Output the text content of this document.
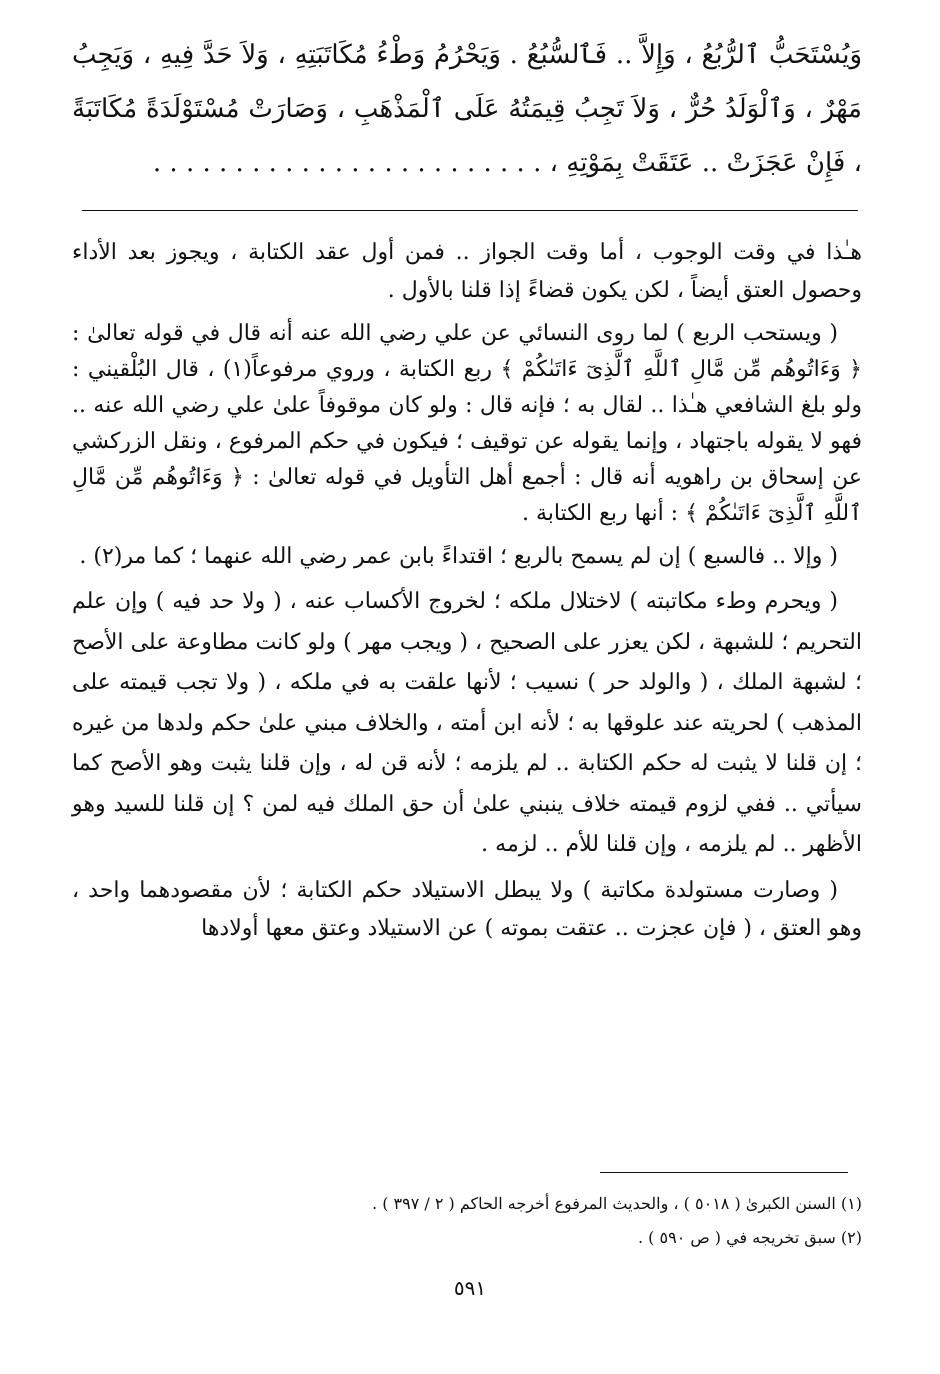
وَيُسْتَحَبُّ ٱلرُّبُعُ ، وَإِلاَّ .. فَٱلسُّبُعُ . وَيَحْرُمُ وَطْءُ مُكَاتَبَتِهِ ، وَلاَ حَدَّ فِيهِ ، وَيَجِبُ مَهْرٌ ، وَٱلْوَلَدُ حُرٌّ ، وَلاَ تَجِبُ قِيمَتُهُ عَلَى ٱلْمَذْهَبِ ، وَصَارَتْ مُسْتَوْلَدَةً مُكَاتَبَةً ، فَإِنْ عَجَزَتْ .. عَتَقَتْ بِمَوْتِهِ ، . . . . . . . . . . . . . . . . . . . . . . . .

هـٰذا في وقت الوجوب ، أما وقت الجواز .. فمن أول عقد الكتابة ، ويجوز بعد الأداء وحصول العتق أيضاً ، لكن يكون قضاءً إذا قلنا بالأول .

( ويستحب الربع ) لما روى النسائي عن علي رضي الله عنه أنه قال في قوله تعالىٰ : ﴿ وَءَاتُوهُم مِّن مَّالِ ٱللَّهِ ٱلَّذِىٓ ءَاتَىٰكُمْ ﴾ ربع الكتابة ، وروي مرفوعاً(١) ، قال البُلْقيني : ولو بلغ الشافعي هـٰذا .. لقال به ؛ فإنه قال : ولو كان موقوفاً علىٰ علي رضي الله عنه .. فهو لا يقوله باجتهاد ، وإنما يقوله عن توقيف ؛ فيكون في حكم المرفوع ، ونقل الزركشي عن إسحاق بن راهويه أنه قال : أجمع أهل التأويل في قوله تعالىٰ : ﴿ وَءَاتُوهُم مِّن مَّالِ ٱللَّهِ ٱلَّذِىٓ ءَاتَىٰكُمْ ﴾ : أنها ربع الكتابة .

( وإلا .. فالسبع ) إن لم يسمح بالربع ؛ اقتداءً بابن عمر رضي الله عنهما ؛ كما مر(٢) .

( ويحرم وطء مكاتبته ) لاختلال ملكه ؛ لخروج الأكساب عنه ، ( ولا حد فيه ) وإن علم التحريم ؛ للشبهة ، لكن يعزر على الصحيح ، ( ويجب مهر ) ولو كانت مطاوعة على الأصح ؛ لشبهة الملك ، ( والولد حر ) نسيب ؛ لأنها علقت به في ملكه ، ( ولا تجب قيمته على المذهب ) لحريته عند علوقها به ؛ لأنه ابن أمته ، والخلاف مبني علىٰ حكم ولدها من غيره ؛ إن قلنا لا يثبت له حكم الكتابة .. لم يلزمه ؛ لأنه قن له ، وإن قلنا يثبت وهو الأصح كما سيأتي .. ففي لزوم قيمته خلاف ينبني علىٰ أن حق الملك فيه لمن ؟ إن قلنا للسيد وهو الأظهر .. لم يلزمه ، وإن قلنا للأم .. لزمه .

( وصارت مستولدة مكاتبة ) ولا يبطل الاستيلاد حكم الكتابة ؛ لأن مقصودهما واحد ، وهو العتق ، ( فإن عجزت .. عتقت بموته ) عن الاستيلاد وعتق معها أولادها

(١) السنن الكبرىٰ ( ٥٠١٨ ) ، والحديث المرفوع أخرجه الحاكم ( ٢ / ٣٩٧ ) .
(٢) سبق تخريجه في ( ص ٥٩٠ ) .
٥٩١
